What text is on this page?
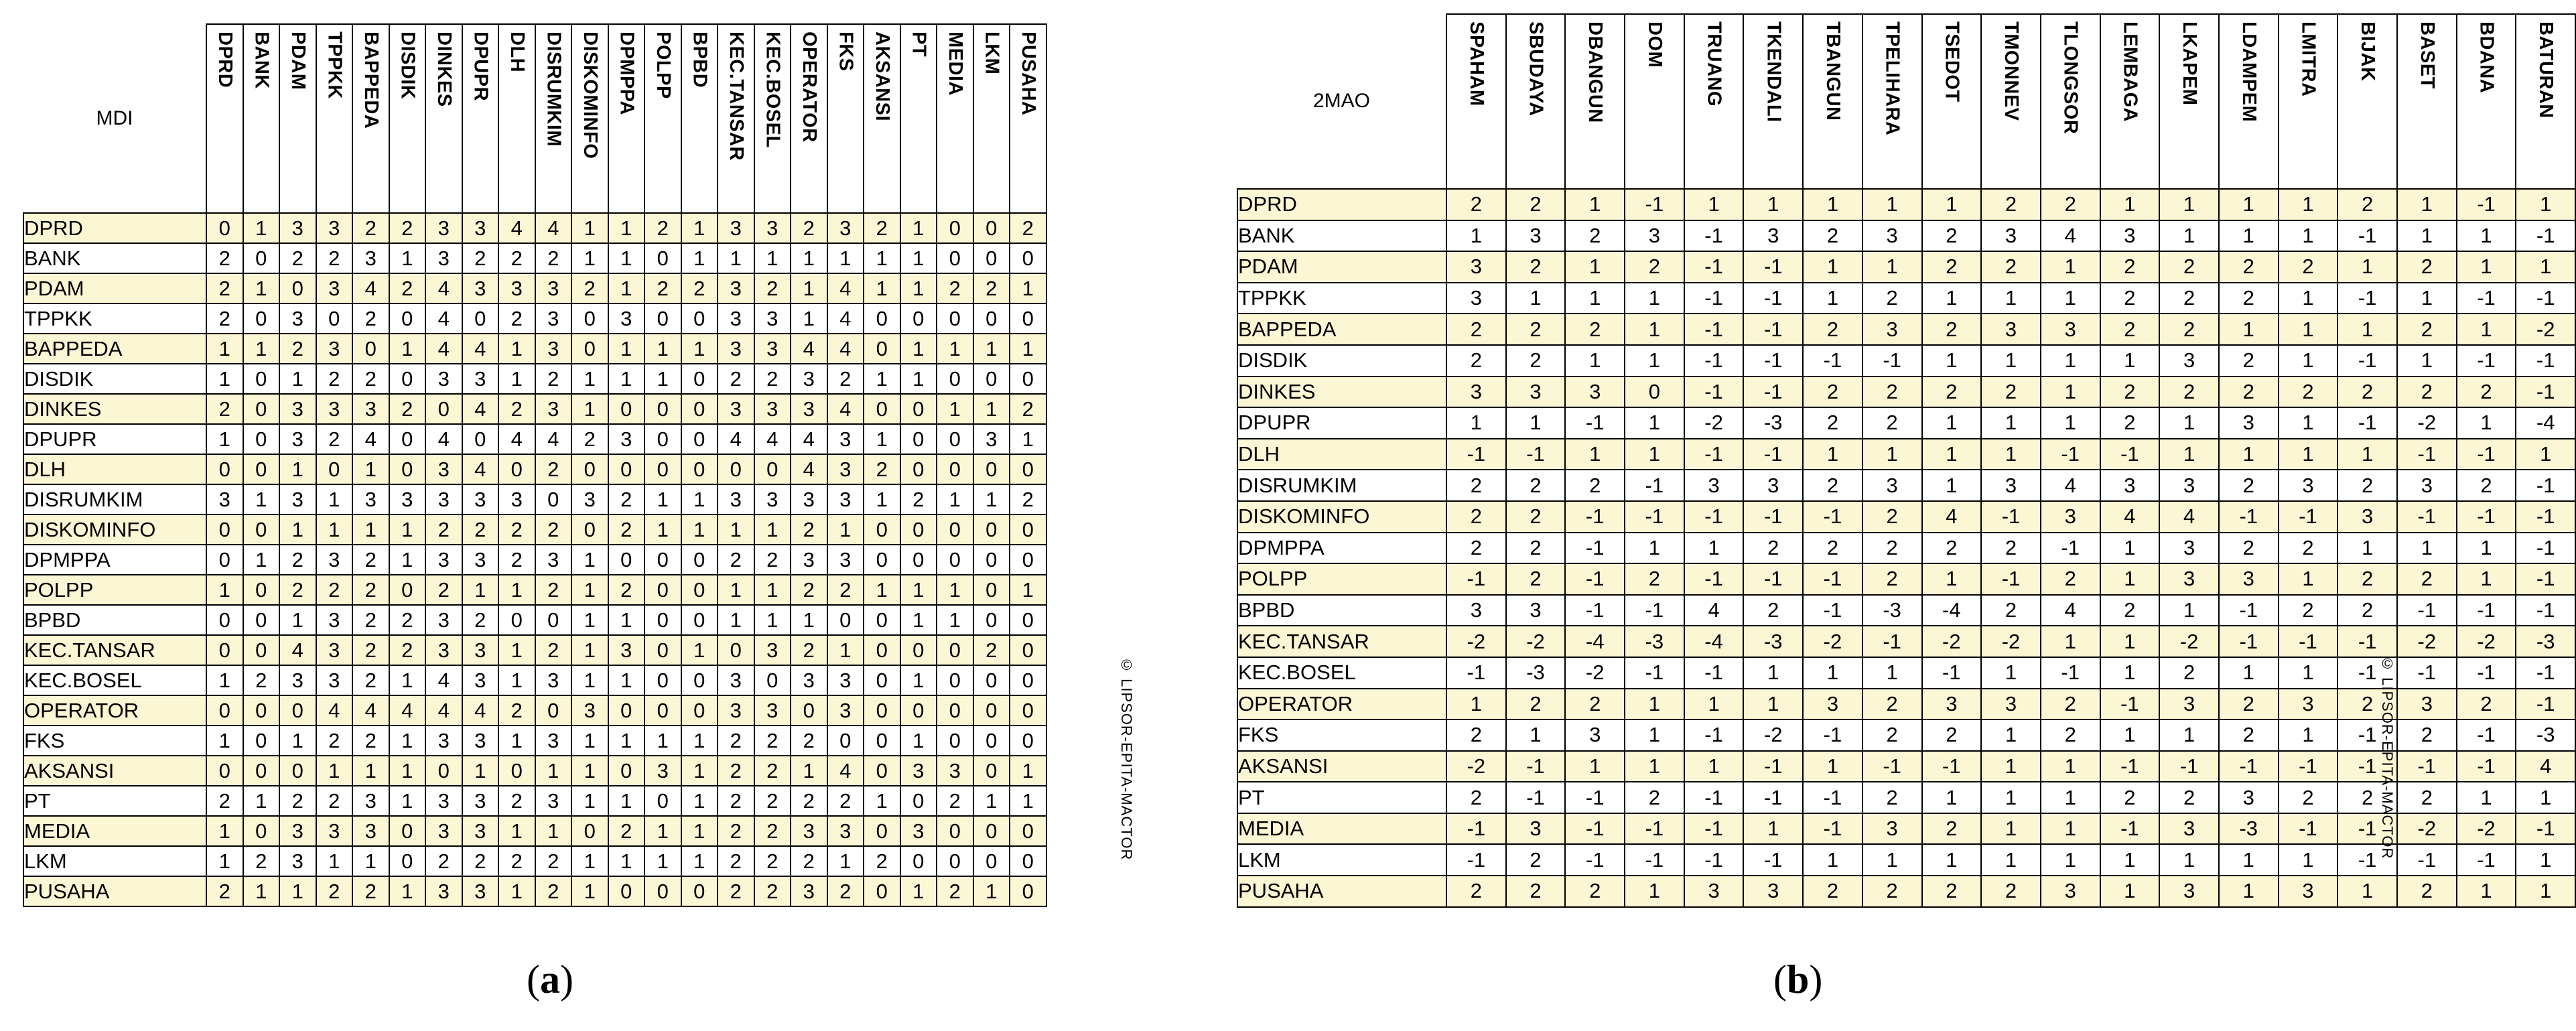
MDI	DPRD	BANK	PDAM	TPPKK	BAPPEDA	DISDIK	DINKES	DPUPR	DLH	DISRUMKIM	DISKOMINFO	DPMPPA	POLPP	BPBD	KEC.TANSAR	KEC.BOSEL	OPERATOR	FKS	AKSANSI	PT	MEDIA	LKM	PUSAHA
DPRD	0	1	3	3	2	2	3	3	4	4	1	1	2	1	3	3	2	3	2	1	0	0	2
BANK	2	0	2	2	3	1	3	2	2	2	1	1	0	1	1	1	1	1	1	1	0	0	0
PDAM	2	1	0	3	4	2	4	3	3	3	2	1	2	2	3	2	1	4	1	1	2	2	1
TPPKK	2	0	3	0	2	0	4	0	2	3	0	3	0	0	3	3	1	4	0	0	0	0	0
BAPPEDA	1	1	2	3	0	1	4	4	1	3	0	1	1	1	3	3	4	4	0	1	1	1	1
DISDIK	1	0	1	2	2	0	3	3	1	2	1	1	1	0	2	2	3	2	1	1	0	0	0
DINKES	2	0	3	3	3	2	0	4	2	3	1	0	0	0	3	3	3	4	0	0	1	1	2
DPUPR	1	0	3	2	4	0	4	0	4	4	2	3	0	0	4	4	4	3	1	0	0	3	1
DLH	0	0	1	0	1	0	3	4	0	2	0	0	0	0	0	0	4	3	2	0	0	0	0
DISRUMKIM	3	1	3	1	3	3	3	3	3	0	3	2	1	1	3	3	3	3	1	2	1	1	2
DISKOMINFO	0	0	1	1	1	1	2	2	2	2	0	2	1	1	1	1	2	1	0	0	0	0	0
DPMPPA	0	1	2	3	2	1	3	3	2	3	1	0	0	0	2	2	3	3	0	0	0	0	0
POLPP	1	0	2	2	2	0	2	1	1	2	1	2	0	0	1	1	2	2	1	1	1	0	1
BPBD	0	0	1	3	2	2	3	2	0	0	1	1	0	0	1	1	1	0	0	1	1	0	0
KEC.TANSAR	0	0	4	3	2	2	3	3	1	2	1	3	0	1	0	3	2	1	0	0	0	2	0
KEC.BOSEL	1	2	3	3	2	1	4	3	1	3	1	1	0	0	3	0	3	3	0	1	0	0	0
OPERATOR	0	0	0	4	4	4	4	4	2	0	3	0	0	0	3	3	0	3	0	0	0	0	0
FKS	1	0	1	2	2	1	3	3	1	3	1	1	1	1	2	2	2	0	0	1	0	0	0
AKSANSI	0	0	0	1	1	1	0	1	0	1	1	0	3	1	2	2	1	4	0	3	3	0	1
PT	2	1	2	2	3	1	3	3	2	3	1	1	0	1	2	2	2	2	1	0	2	1	1
MEDIA	1	0	3	3	3	0	3	3	1	1	0	2	1	1	2	2	3	3	0	3	0	0	0
LKM	1	2	3	1	1	0	2	2	2	2	1	1	1	1	2	2	2	1	2	0	0	0	0
PUSAHA	2	1	1	2	2	1	3	3	1	2	1	0	0	0	2	2	3	2	0	1	2	1	0
© LIPSOR-EPITA-MACTOR
(a)
2MAO	SPAHAM	SBUDAYA	DBANGUN	DOM	TRUANG	TKENDALI	TBANGUN	TPELIHARA	TSEDOT	TMONNEV	TLONGSOR	LEMBAGA	LKAPEM	LDAMPEM	LMITRA	BIJAK	BASET	BDANA	BATURAN
DPRD	2	2	1	-1	1	1	1	1	1	2	2	1	1	1	1	2	1	-1	1
BANK	1	3	2	3	-1	3	2	3	2	3	4	3	1	1	1	-1	1	1	-1
PDAM	3	2	1	2	-1	-1	1	1	2	2	1	2	2	2	2	1	2	1	1
TPPKK	3	1	1	1	-1	-1	1	2	1	1	1	2	2	2	1	-1	1	-1	-1
BAPPEDA	2	2	2	1	-1	-1	2	3	2	3	3	2	2	1	1	1	2	1	-2
DISDIK	2	2	1	1	-1	-1	-1	-1	1	1	1	1	3	2	1	-1	1	-1	-1
DINKES	3	3	3	0	-1	-1	2	2	2	2	1	2	2	2	2	2	2	2	-1
DPUPR	1	1	-1	1	-2	-3	2	2	1	1	1	2	1	3	1	-1	-2	1	-4
DLH	-1	-1	1	1	-1	-1	1	1	1	1	-1	-1	1	1	1	1	-1	-1	1
DISRUMKIM	2	2	2	-1	3	3	2	3	1	3	4	3	3	2	3	2	3	2	-1
DISKOMINFO	2	2	-1	-1	-1	-1	-1	2	4	-1	3	4	4	-1	-1	3	-1	-1	-1
DPMPPA	2	2	-1	1	1	2	2	2	2	2	-1	1	3	2	2	1	1	1	-1
POLPP	-1	2	-1	2	-1	-1	-1	2	1	-1	2	1	3	3	1	2	2	1	-1
BPBD	3	3	-1	-1	4	2	-1	-3	-4	2	4	2	1	-1	2	2	-1	-1	-1
KEC.TANSAR	-2	-2	-4	-3	-4	-3	-2	-1	-2	-2	1	1	-2	-1	-1	-1	-2	-2	-3
KEC.BOSEL	-1	-3	-2	-1	-1	1	1	1	-1	1	-1	1	2	1	1	-1	-1	-1	-1
OPERATOR	1	2	2	1	1	1	3	2	3	3	2	-1	3	2	3	2	3	2	-1
FKS	2	1	3	1	-1	-2	-1	2	2	1	2	1	1	2	1	-1	2	-1	-3
AKSANSI	-2	-1	1	1	1	-1	1	-1	-1	1	1	-1	-1	-1	-1	-1	-1	-1	4
PT	2	-1	-1	2	-1	-1	-1	2	1	1	1	2	2	3	2	2	2	1	1
MEDIA	-1	3	-1	-1	-1	1	-1	3	2	1	1	-1	3	-3	-1	-1	-2	-2	-1
LKM	-1	2	-1	-1	-1	-1	1	1	1	1	1	1	1	1	1	-1	-1	-1	1
PUSAHA	2	2	2	1	3	3	2	2	2	2	3	1	3	1	3	1	2	1	1
© LIPSOR-EPITA-MACTOR
(b)
